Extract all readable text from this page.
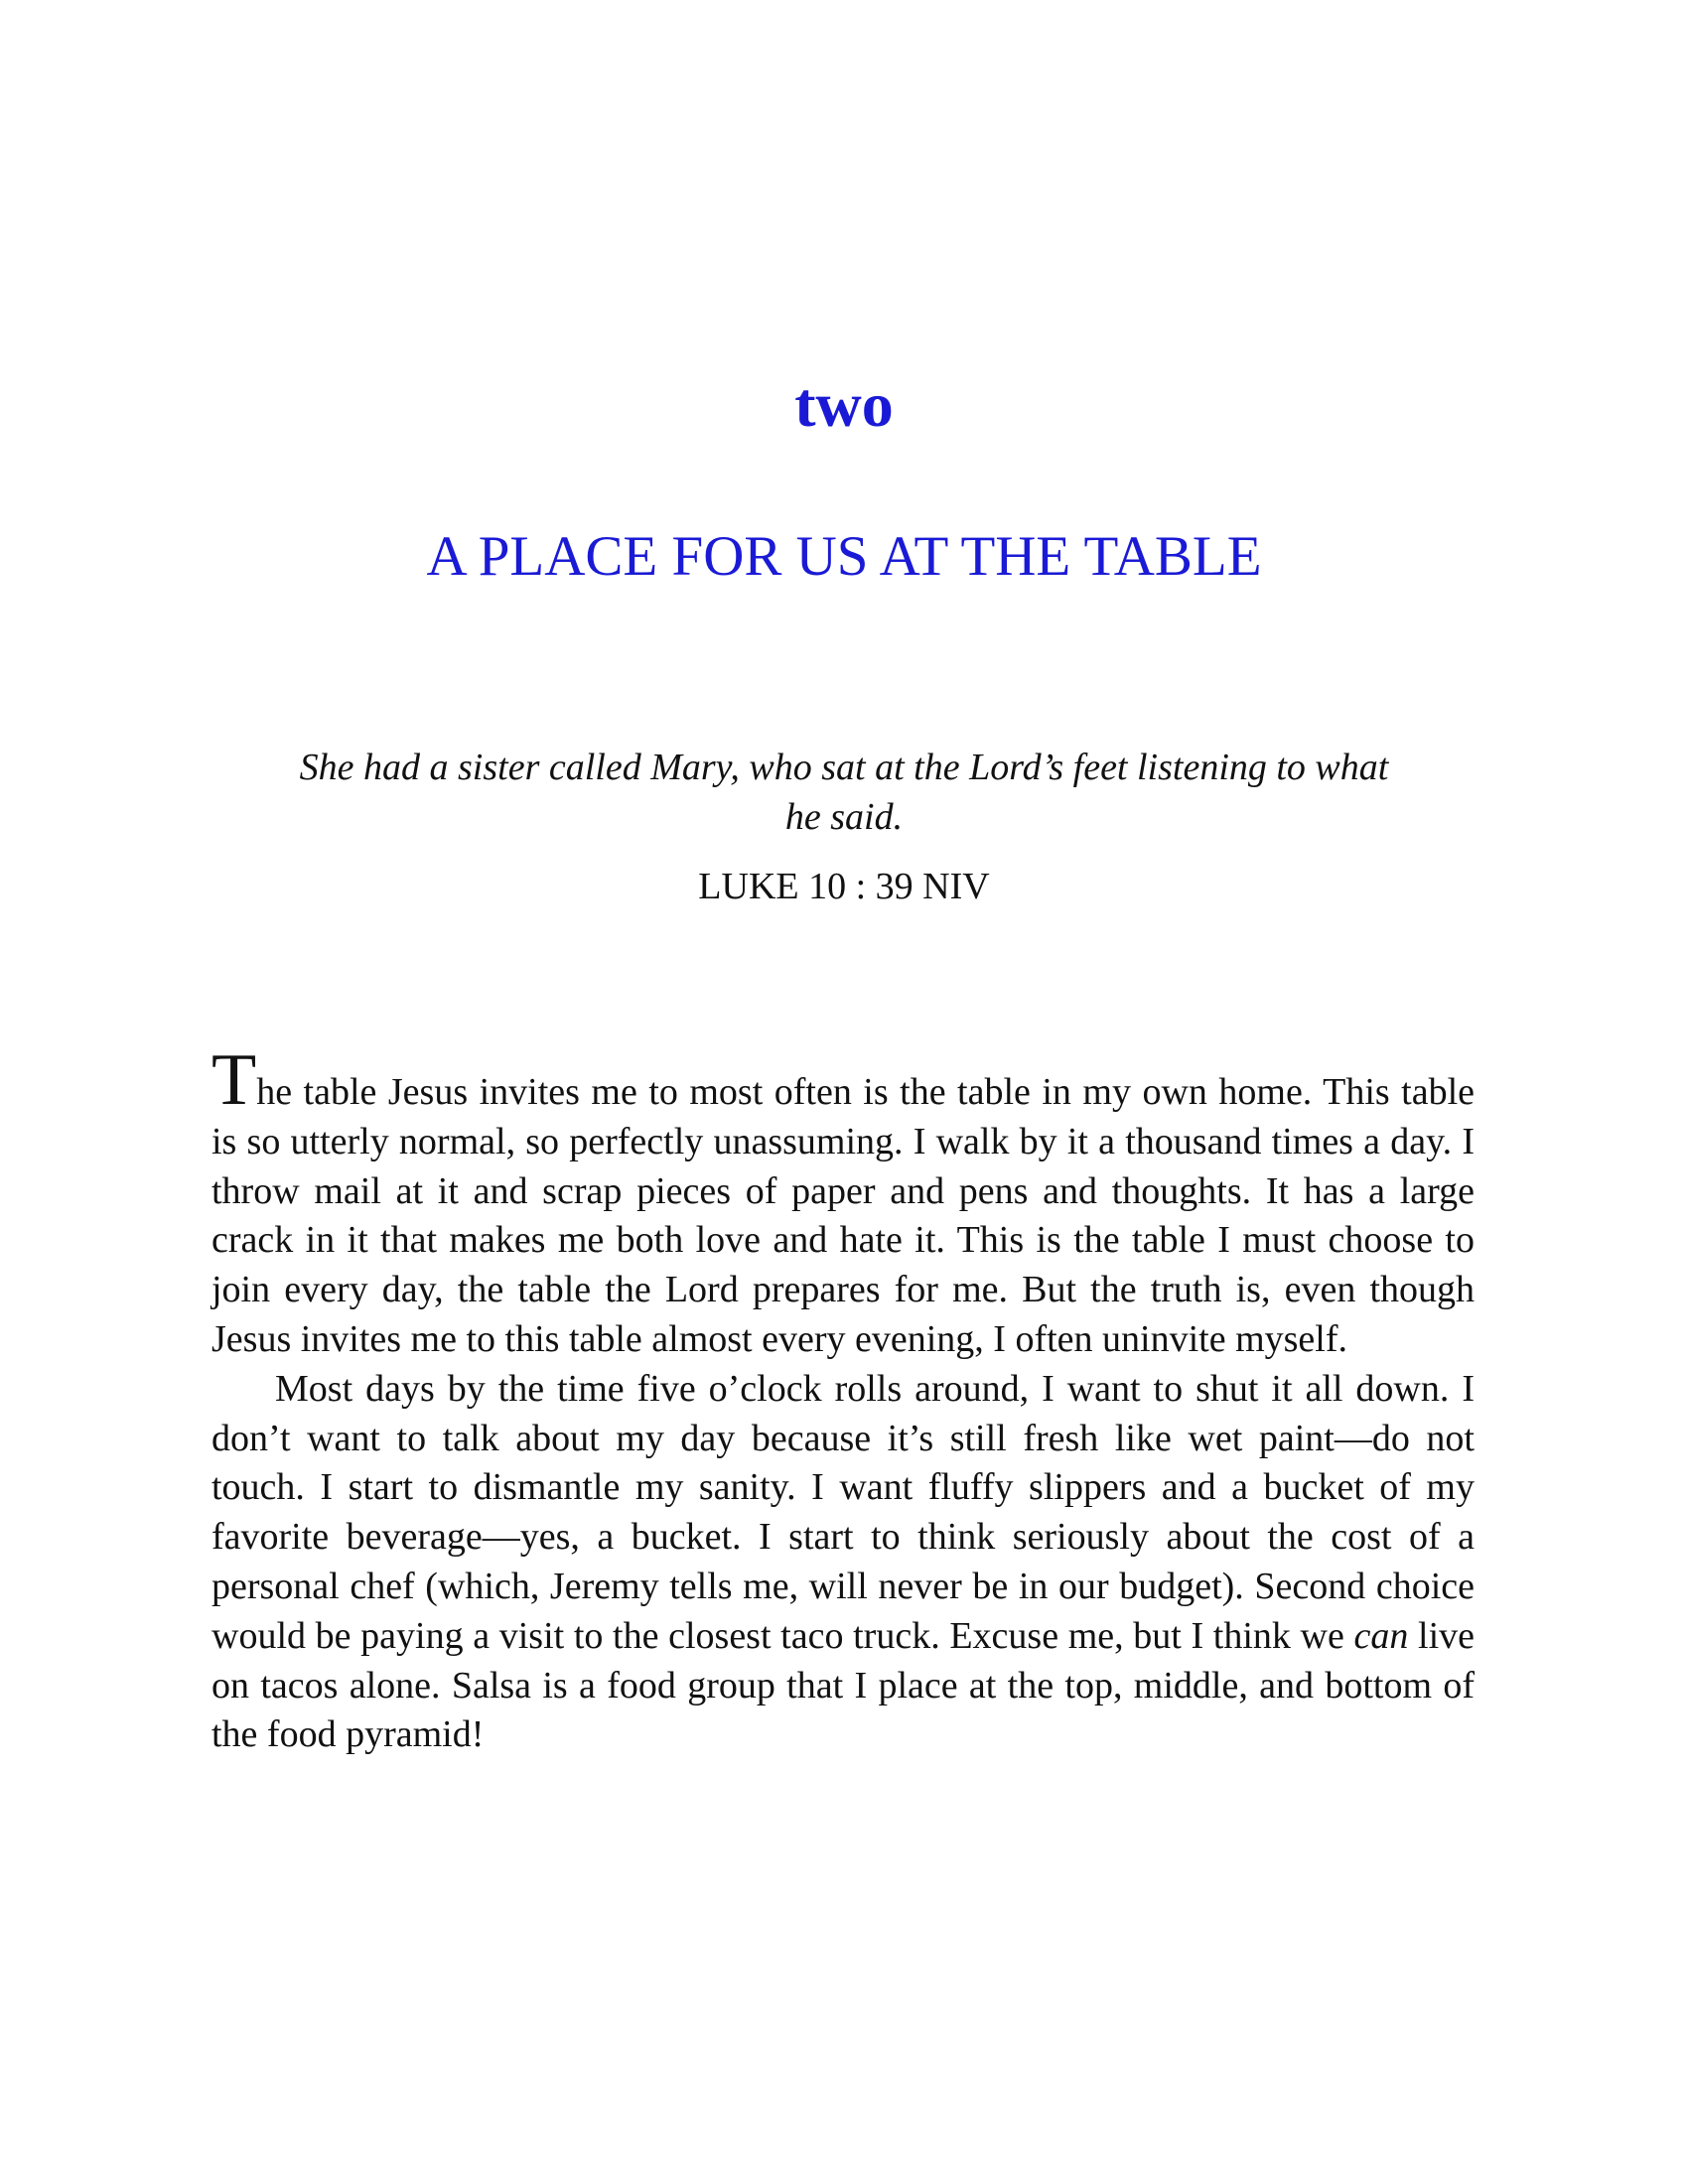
two
A PLACE FOR US AT THE TABLE
She had a sister called Mary, who sat at the Lord’s feet listening to what he said.
LUKE 10 : 39 NIV

The table Jesus invites me to most often is the table in my own home. This table is so utterly normal, so perfectly unassuming. I walk by it a thousand times a day. I throw mail at it and scrap pieces of paper and pens and thoughts. It has a large crack in it that makes me both love and hate it. This is the table I must choose to join every day, the table the Lord prepares for me. But the truth is, even though Jesus invites me to this table almost every evening, I often uninvite myself.

Most days by the time five o’clock rolls around, I want to shut it all down. I don’t want to talk about my day because it’s still fresh like wet paint—do not touch. I start to dismantle my sanity. I want fluffy slippers and a bucket of my favorite beverage—yes, a bucket. I start to think seriously about the cost of a personal chef (which, Jeremy tells me, will never be in our budget). Second choice would be paying a visit to the closest taco truck. Excuse me, but I think we can live on tacos alone. Salsa is a food group that I place at the top, middle, and bottom of the food pyramid!
